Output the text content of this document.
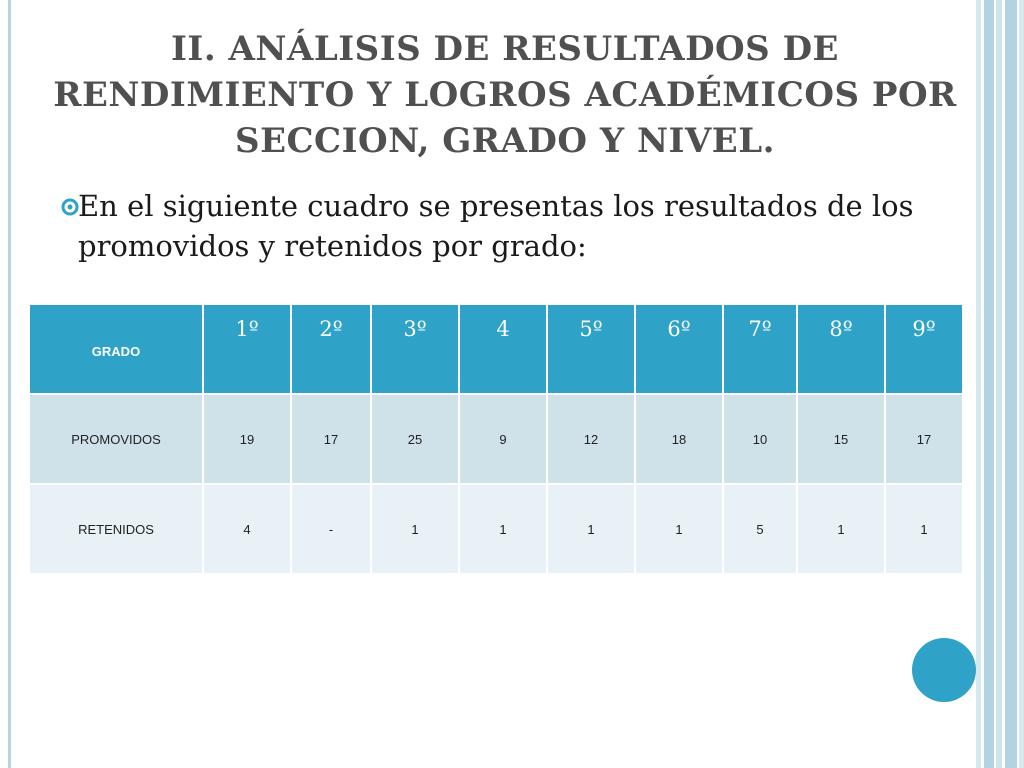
II. ANÁLISIS DE RESULTADOS DE RENDIMIENTO Y LOGROS ACADÉMICOS POR SECCION, GRADO Y NIVEL.

En el siguiente cuadro se presentas los resultados de los promovidos y retenidos por grado:

GRADO	1º	2º	3º	4	5º	6º	7º	8º	9º
PROMOVIDOS	19	17	25	9	12	18	10	15	17
RETENIDOS	4	-	1	1	1	1	5	1	1
